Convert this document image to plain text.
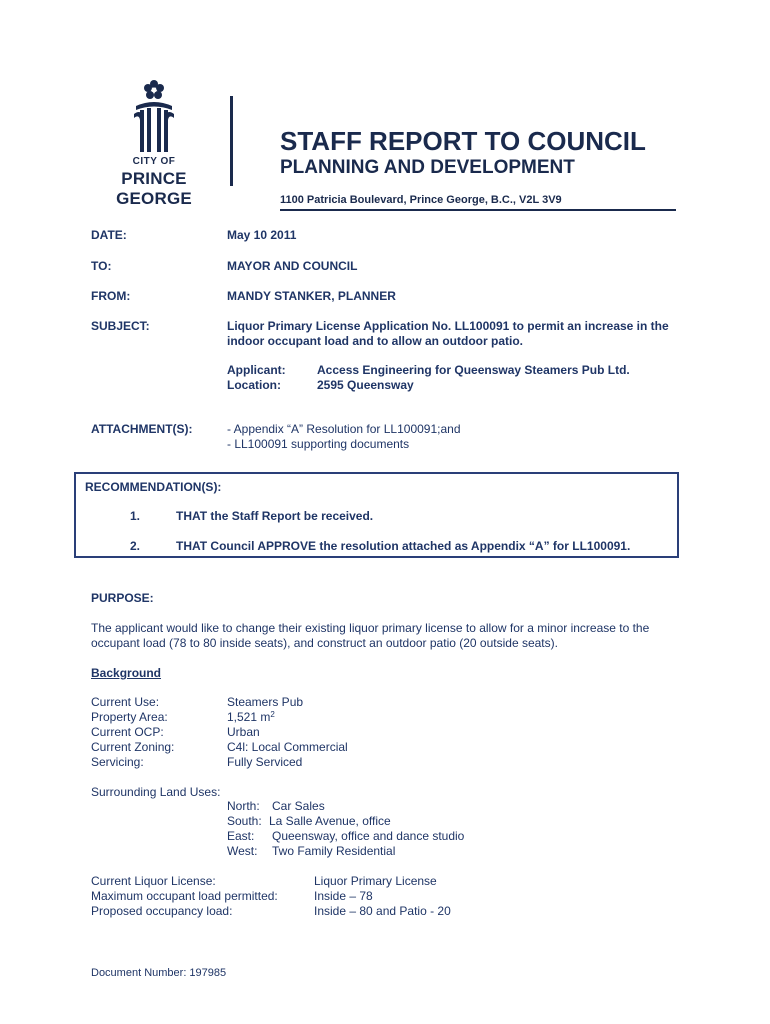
CITY OF
PRINCE GEORGE
STAFF REPORT TO COUNCIL
PLANNING AND DEVELOPMENT
1100 Patricia Boulevard, Prince George, B.C., V2L 3V9
DATE:	May 10 2011
TO:	MAYOR AND COUNCIL
FROM:	MANDY STANKER, PLANNER
SUBJECT:	Liquor Primary License Application No. LL100091 to permit an increase in the
indoor occupant load and to allow an outdoor patio.
Applicant:	Access Engineering for Queensway Steamers Pub Ltd.
Location:	2595 Queensway
ATTACHMENT(S):	- Appendix “A” Resolution for LL100091;and
- LL100091 supporting documents
RECOMMENDATION(S):
1.	THAT the Staff Report be received.
2.	THAT Council APPROVE the resolution attached as Appendix “A” for LL100091.
PURPOSE:
The applicant would like to change their existing liquor primary license to allow for a minor increase to the
occupant load (78 to 80 inside seats), and construct an outdoor patio (20 outside seats).
Background
Current Use:	Steamers Pub
Property Area:	1,521 $m^2$
Current OCP:	Urban
Current Zoning:	C4l: Local Commercial
Servicing:	Fully Serviced
Surrounding Land Uses:
North: Car Sales
South: La Salle Avenue, office
East: Queensway, office and dance studio
West: Two Family Residential
Current Liquor License:	Liquor Primary License
Maximum occupant load permitted:	Inside – 78
Proposed occupancy load:	Inside – 80 and Patio - 20
Document Number: 197985
